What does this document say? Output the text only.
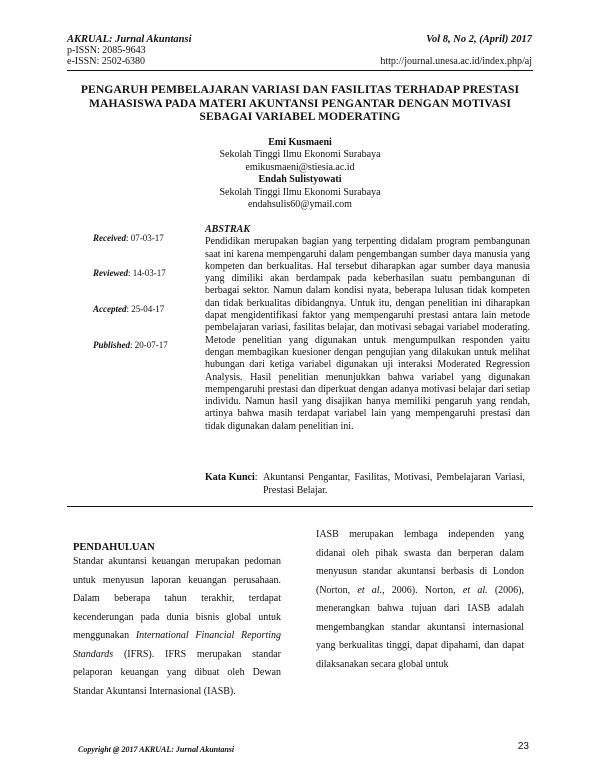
AKRUAL: Jurnal Akuntansi
p-ISSN: 2085-9643
e-ISSN: 2502-6380
Vol 8, No 2, (April) 2017
http://journal.unesa.ac.id/index.php/aj
PENGARUH PEMBELAJARAN VARIASI DAN FASILITAS TERHADAP PRESTASI
MAHASISWA PADA MATERI AKUNTANSI PENGANTAR DENGAN MOTIVASI
SEBAGAI VARIABEL MODERATING
Emi Kusmaeni
Sekolah Tinggi Ilmu Ekonomi Surabaya
emikusmaeni@stiesia.ac.id
Endah Sulistyowati
Sekolah Tinggi Ilmu Ekonomi Surabaya
endahsulis60@ymail.com
Received: 07-03-17
Reviewed: 14-03-17
Accepted: 25-04-17
Published: 20-07-17
ABSTRAK

Pendidikan merupakan bagian yang terpenting didalam program pembangunan saat ini karena mempengaruhi dalam pengembangan sumber daya manusia yang kompeten dan berkualitas. Hal tersebut diharapkan agar sumber daya manusia yang dimiliki akan berdampak pada keberhasilan suatu pembangunan di berbagai sektor. Namun dalam kondisi nyata, beberapa lulusan tidak kompeten dan tidak berkualitas dibidangnya. Untuk itu, dengan penelitian ini diharapkan dapat mengidentifikasi faktor yang mempengaruhi prestasi antara lain metode pembelajaran variasi, fasilitas belajar, dan motivasi sebagai variabel moderating. Metode penelitian yang digunakan untuk mengumpulkan responden yaitu dengan membagikan kuesioner dengan pengujian yang dilakukan untuk melihat hubungan dari ketiga variabel digunakan uji interaksi Moderated Regression Analysis. Hasil penelitian menunjukkan bahwa variabel yang digunakan mempengaruhi prestasi dan diperkuat dengan adanya motivasi belajar dari setiap individu. Namun hasil yang disajikan hanya memiliki pengaruh yang rendah, artinya bahwa masih terdapat variabel lain yang mempengaruhi prestasi dan tidak digunakan dalam penelitian ini.

Kata Kunci: Akuntansi Pengantar, Fasilitas, Motivasi, Pembelajaran Variasi, Prestasi Belajar.
PENDAHULUAN

Standar akuntansi keuangan merupakan pedoman untuk menyusun laporan keuangan perusahaan. Dalam beberapa tahun terakhir, terdapat kecenderungan pada dunia bisnis global untuk menggunakan International Financial Reporting Standards (IFRS). IFRS merupakan standar pelaporan keuangan yang dibuat oleh Dewan Standar Akuntansi Internasional (IASB).

IASB merupakan lembaga independen yang didanai oleh pihak swasta dan berperan dalam menyusun standar akuntansi berbasis di London (Norton, et al., 2006). Norton, et al. (2006), menerangkan bahwa tujuan dari IASB adalah mengembangkan standar akuntansi internasional yang berkualitas tinggi, dapat dipahami, dan dapat dilaksanakan secara global untuk

Copyright @ 2017 AKRUAL: Jurnal Akuntansi	23
